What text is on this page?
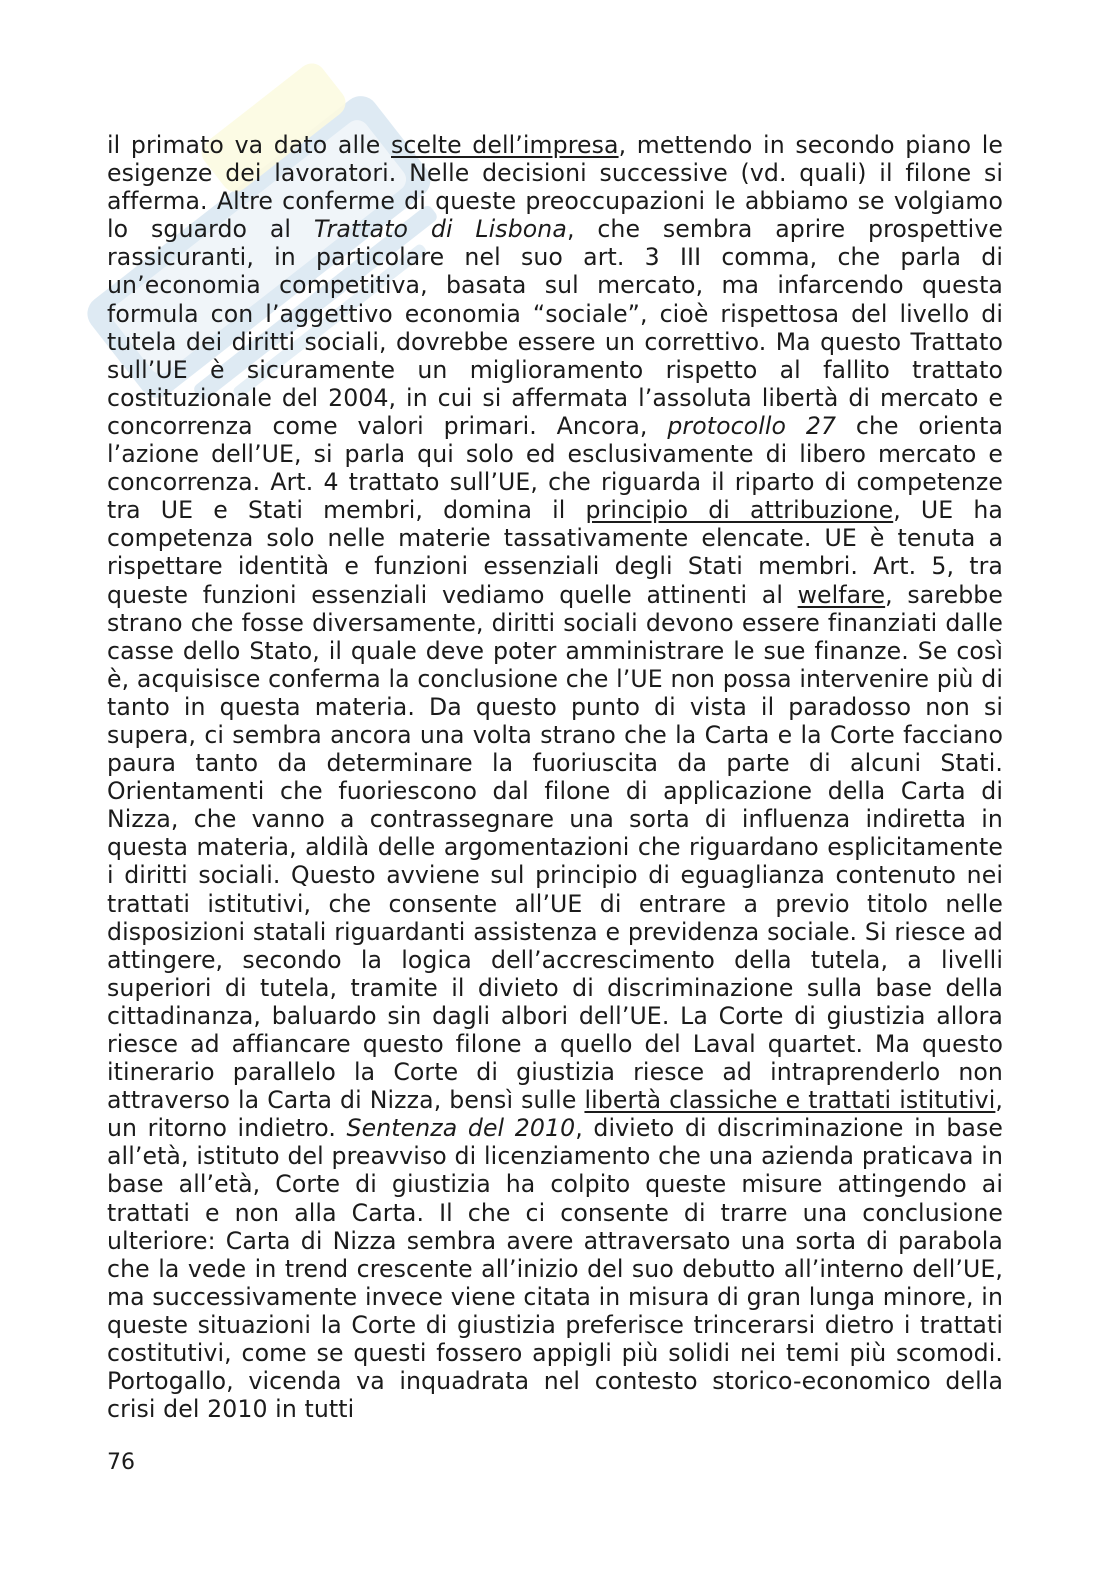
il primato va dato alle scelte dell’impresa, mettendo in secondo piano le esigenze dei lavoratori. Nelle decisioni successive (vd. quali) il filone si afferma. Altre conferme di queste preoccupazioni le abbiamo se volgiamo lo sguardo al Trattato di Lisbona, che sembra aprire prospettive rassicuranti, in particolare nel suo art. 3 III comma, che parla di un’economia competitiva, basata sul mercato, ma infarcendo questa formula con l’aggettivo economia “sociale”, cioè rispettosa del livello di tutela dei diritti sociali, dovrebbe essere un correttivo. Ma questo Trattato sull’UE è sicuramente un miglioramento rispetto al fallito trattato costituzionale del 2004, in cui si affermata l’assoluta libertà di mercato e concorrenza come valori primari. Ancora, protocollo 27 che orienta l’azione dell’UE, si parla qui solo ed esclusivamente di libero mercato e concorrenza. Art. 4 trattato sull’UE, che riguarda il riparto di competenze tra UE e Stati membri, domina il principio di attribuzione, UE ha competenza solo nelle materie tassativamente elencate. UE è tenuta a rispettare identità e funzioni essenziali degli Stati membri. Art. 5, tra queste funzioni essenziali vediamo quelle attinenti al welfare, sarebbe strano che fosse diversamente, diritti sociali devono essere finanziati dalle casse dello Stato, il quale deve poter amministrare le sue finanze. Se così è, acquisisce conferma la conclusione che l’UE non possa intervenire più di tanto in questa materia. Da questo punto di vista il paradosso non si supera, ci sembra ancora una volta strano che la Carta e la Corte facciano paura tanto da determinare la fuoriuscita da parte di alcuni Stati. Orientamenti che fuoriescono dal filone di applicazione della Carta di Nizza, che vanno a contrassegnare una sorta di influenza indiretta in questa materia, aldilà delle argomentazioni che riguardano esplicitamente i diritti sociali. Questo avviene sul principio di eguaglianza contenuto nei trattati istitutivi, che consente all’UE di entrare a previo titolo nelle disposizioni statali riguardanti assistenza e previdenza sociale. Si riesce ad attingere, secondo la logica dell’accrescimento della tutela, a livelli superiori di tutela, tramite il divieto di discriminazione sulla base della cittadinanza, baluardo sin dagli albori dell’UE. La Corte di giustizia allora riesce ad affiancare questo filone a quello del Laval quartet. Ma questo itinerario parallelo la Corte di giustizia riesce ad intraprenderlo non attraverso la Carta di Nizza, bensì sulle libertà classiche e trattati istitutivi, un ritorno indietro. Sentenza del 2010, divieto di discriminazione in base all’età, istituto del preavviso di licenziamento che una azienda praticava in base all’età, Corte di giustizia ha colpito queste misure attingendo ai trattati e non alla Carta. Il che ci consente di trarre una conclusione ulteriore: Carta di Nizza sembra avere attraversato una sorta di parabola che la vede in trend crescente all’inizio del suo debutto all’interno dell’UE, ma successivamente invece viene citata in misura di gran lunga minore, in queste situazioni la Corte di giustizia preferisce trincerarsi dietro i trattati costitutivi, come se questi fossero appigli più solidi nei temi più scomodi. Portogallo, vicenda va inquadrata nel contesto storico-economico della crisi del 2010 in tutti

76
